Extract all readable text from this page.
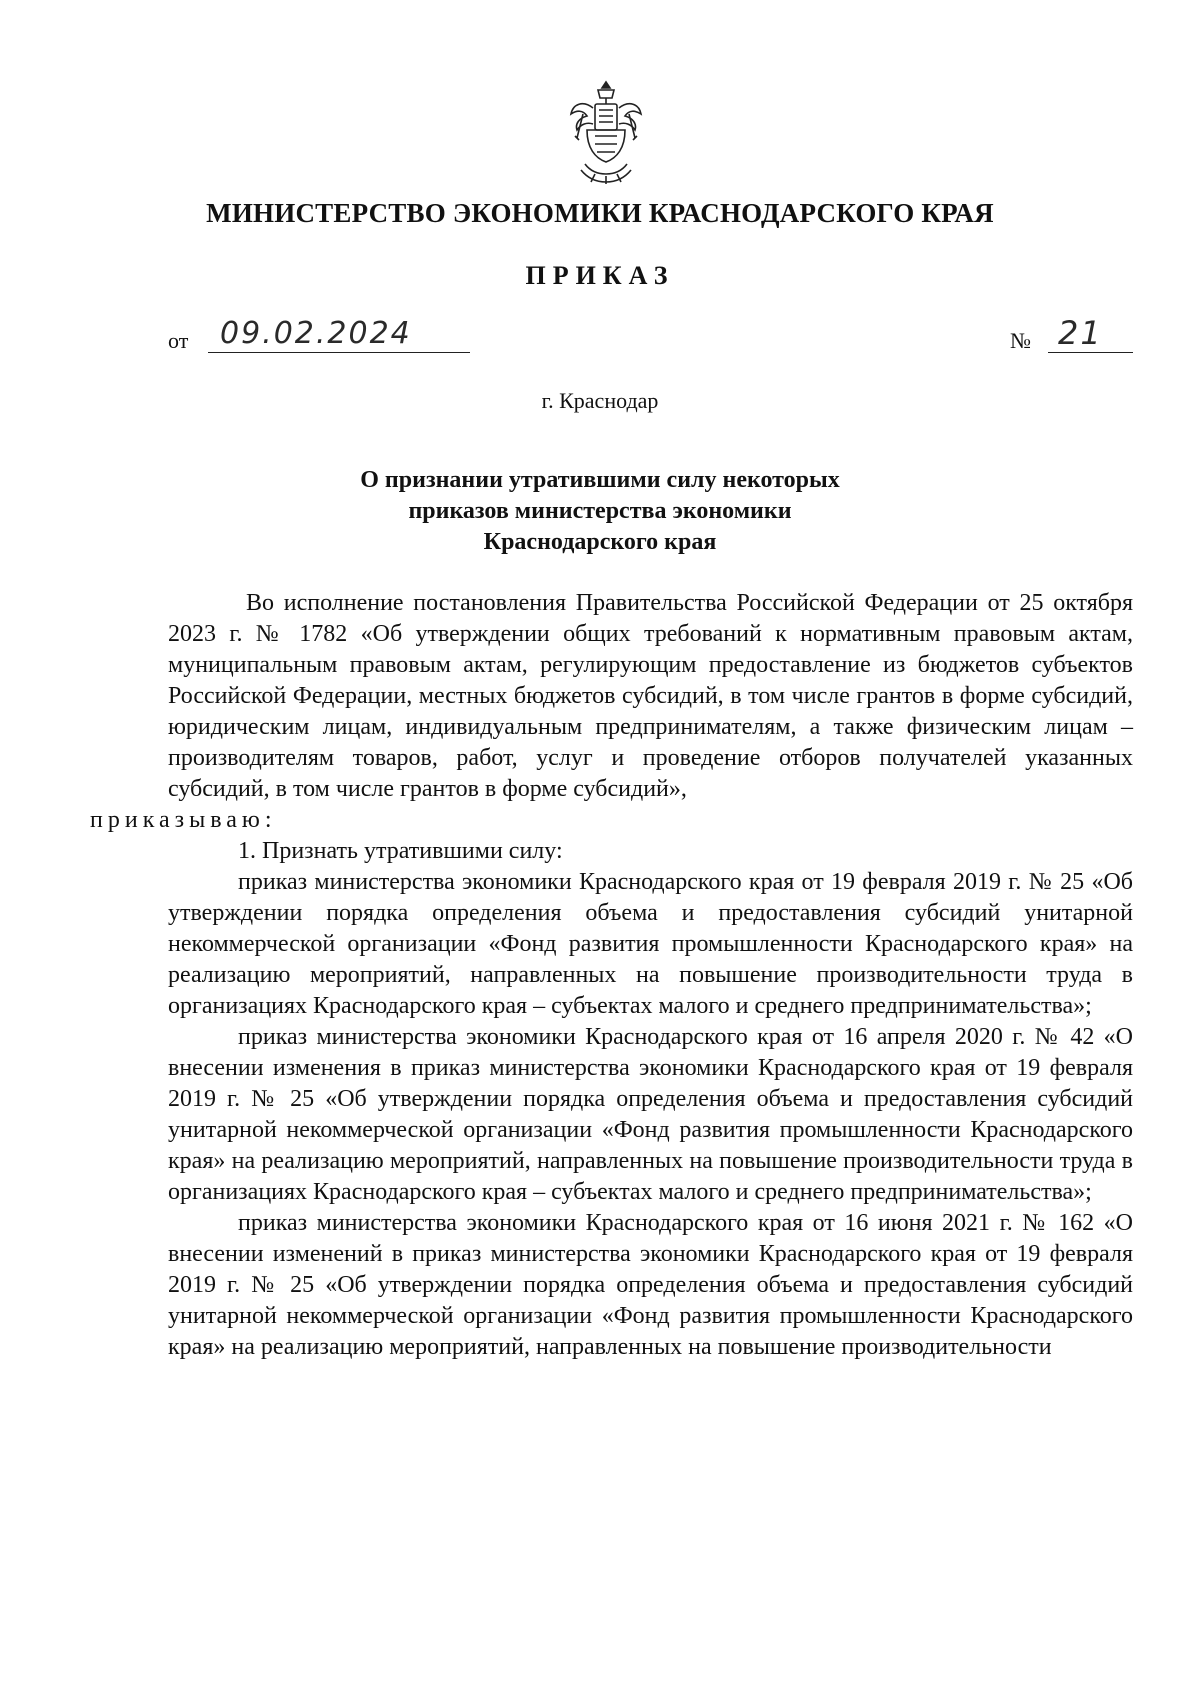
МИНИСТЕРСТВО ЭКОНОМИКИ КРАСНОДАРСКОГО КРАЯ
ПРИКАЗ
от 09.02.2024	№ 21
г. Краснодар
О признании утратившими силу некоторых
приказов министерства экономики
Краснодарского края

Во исполнение постановления Правительства Российской Федерации от 25 октября 2023 г. № 1782 «Об утверждении общих требований к нормативным правовым актам, муниципальным правовым актам, регулирующим предоставление из бюджетов субъектов Российской Федерации, местных бюджетов субсидий, в том числе грантов в форме субсидий, юридическим лицам, индивидуальным предпринимателям, а также физическим лицам – производителям товаров, работ, услуг и проведение отборов получателей указанных субсидий, в том числе грантов в форме субсидий»,
приказываю:

1. Признать утратившими силу:

приказ министерства экономики Краснодарского края от 19 февраля 2019 г. № 25 «Об утверждении порядка определения объема и предоставления субсидий унитарной некоммерческой организации «Фонд развития промышленности Краснодарского края» на реализацию мероприятий, направленных на повышение производительности труда в организациях Краснодарского края – субъектах малого и среднего предпринимательства»;

приказ министерства экономики Краснодарского края от 16 апреля 2020 г. № 42 «О внесении изменения в приказ министерства экономики Краснодарского края от 19 февраля 2019 г. № 25 «Об утверждении порядка определения объема и предоставления субсидий унитарной некоммерческой организации «Фонд развития промышленности Краснодарского края» на реализацию мероприятий, направленных на повышение производительности труда в организациях Краснодарского края – субъектах малого и среднего предпринимательства»;

приказ министерства экономики Краснодарского края от 16 июня 2021 г. № 162 «О внесении изменений в приказ министерства экономики Краснодарского края от 19 февраля 2019 г. № 25 «Об утверждении порядка определения объема и предоставления субсидий унитарной некоммерческой организации «Фонд развития промышленности Краснодарского края» на реализацию мероприятий, направленных на повышение производительности
